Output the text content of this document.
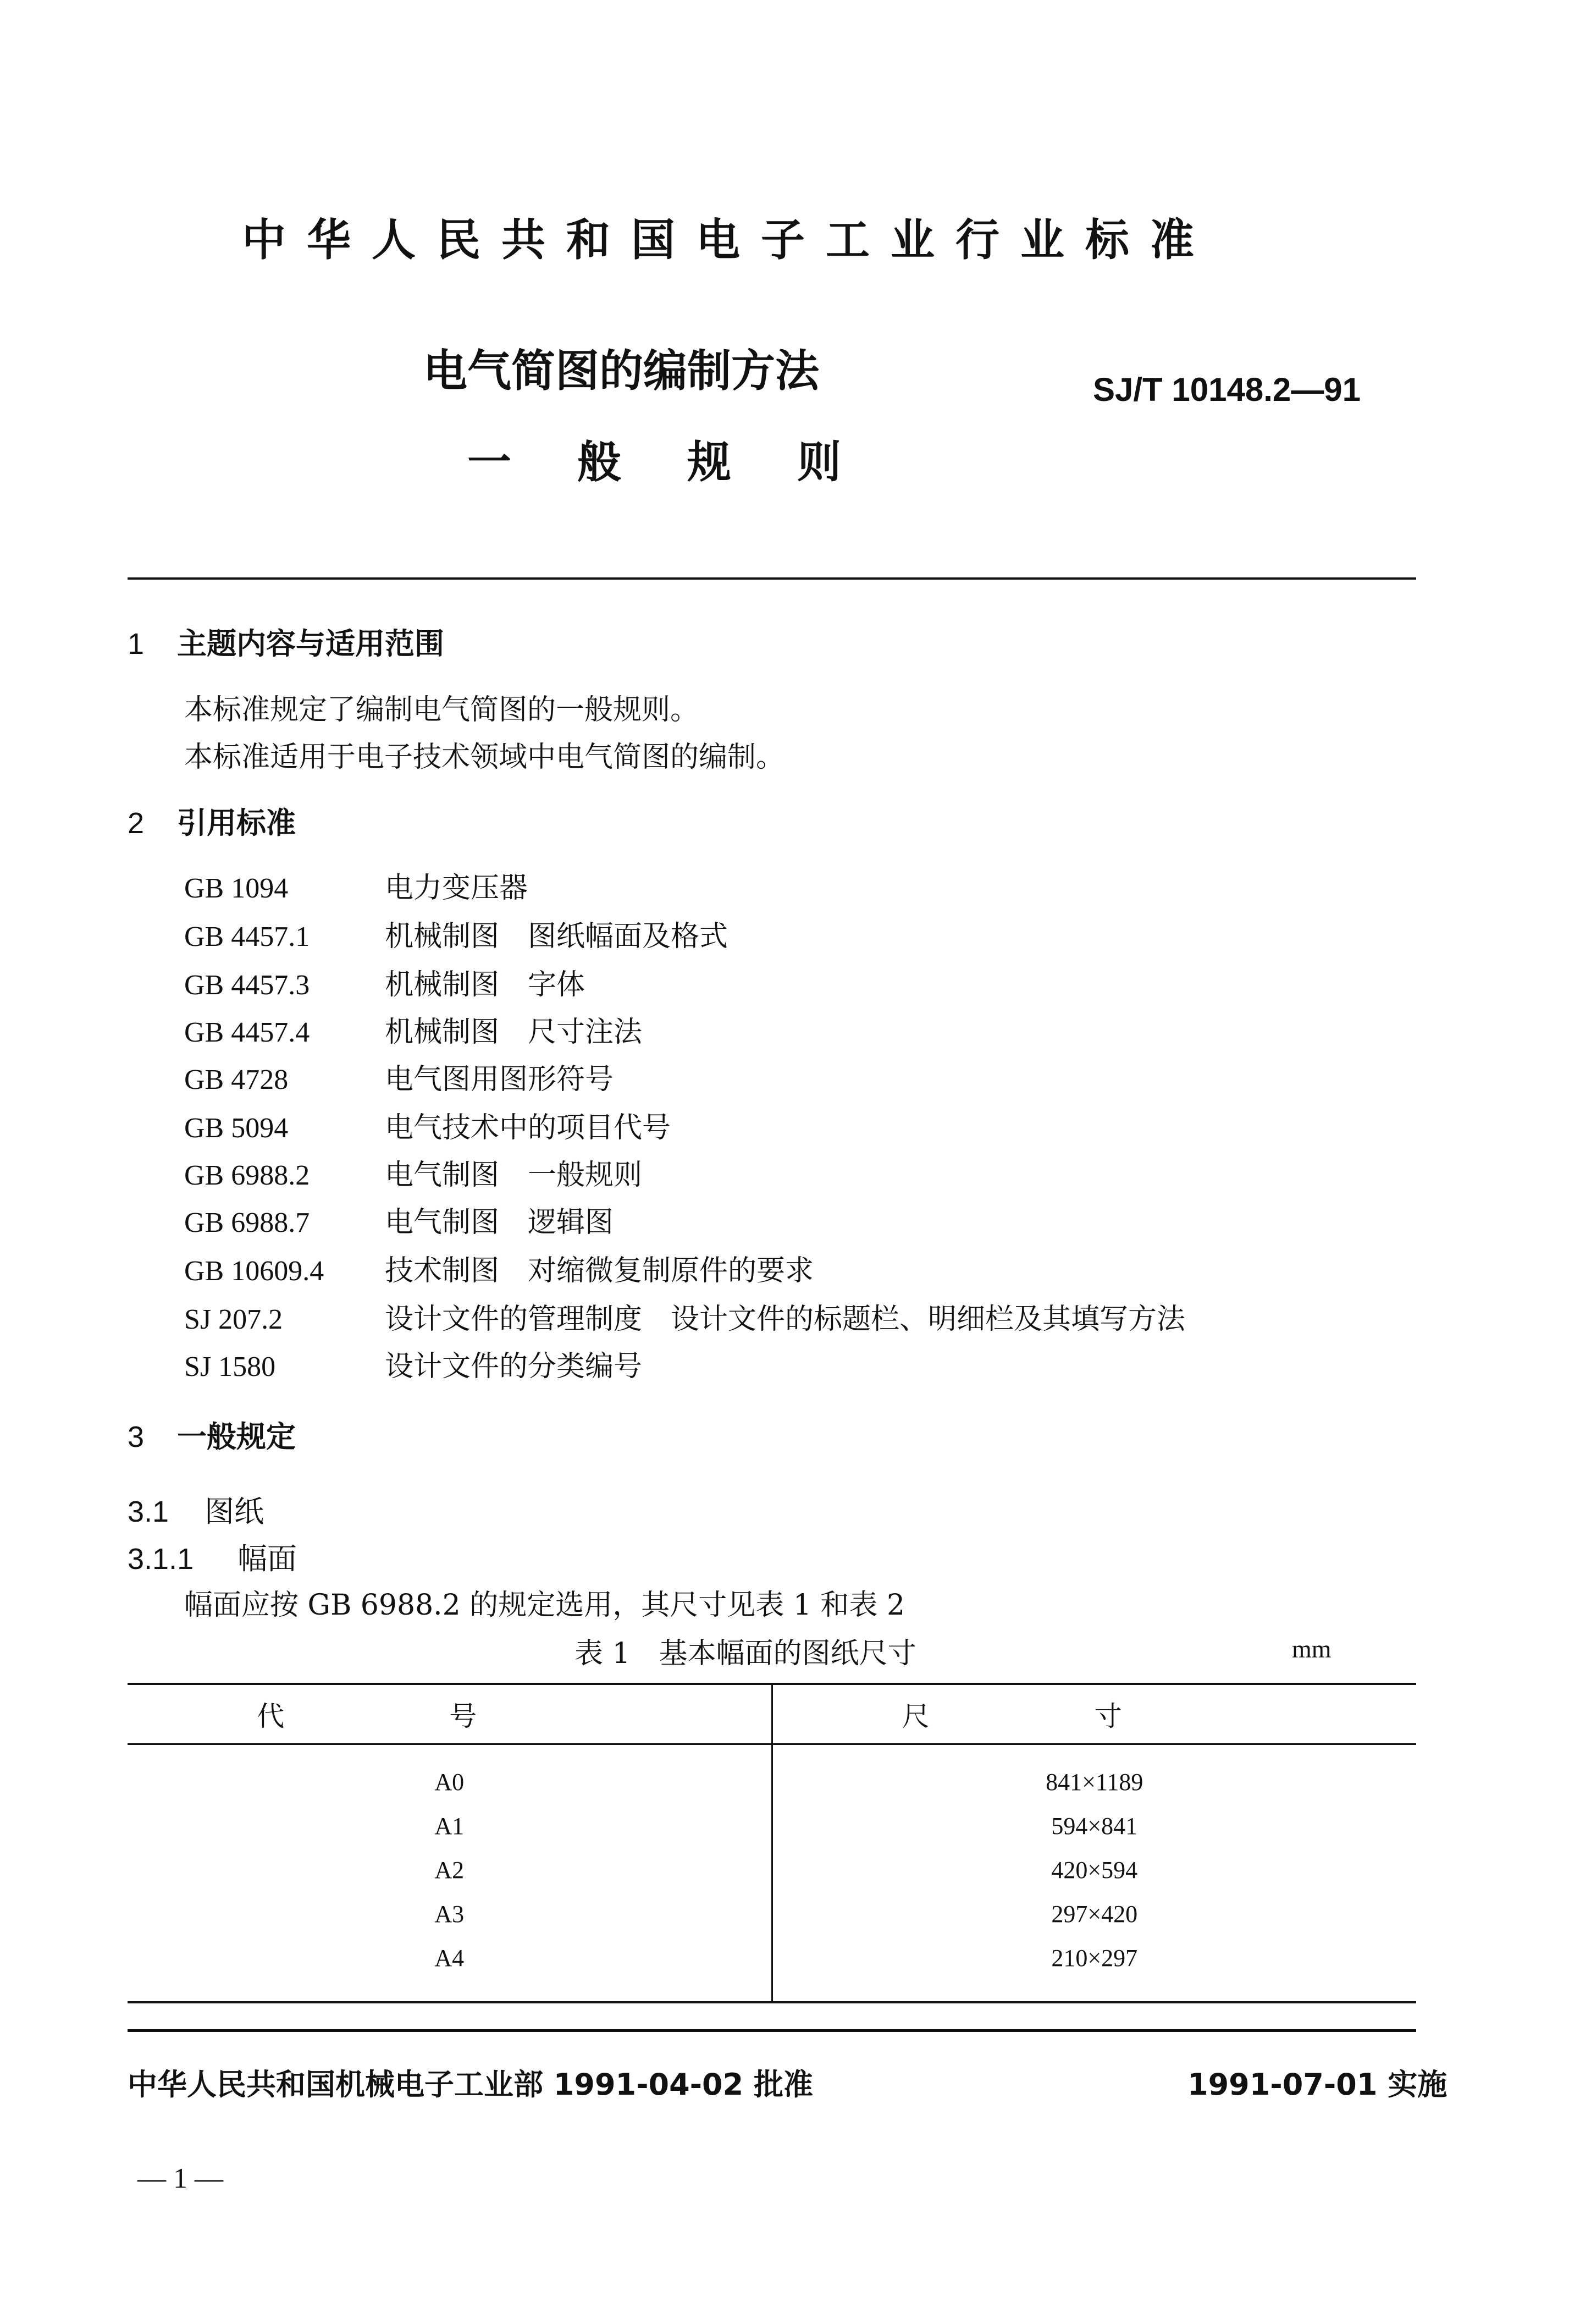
中华人民共和国电子工业行业标准
电气简图的编制方法
一 般 规 则
SJ/T 10148.2—91
1 主题内容与适用范围
本标准规定了编制电气简图的一般规则。
本标准适用于电子技术领域中电气简图的编制。
2 引用标准
GB 1094	电力变压器
GB 4457.1	机械制图　图纸幅面及格式
GB 4457.3	机械制图　字体
GB 4457.4	机械制图　尺寸注法
GB 4728	电气图用图形符号
GB 5094	电气技术中的项目代号
GB 6988.2	电气制图　一般规则
GB 6988.7	电气制图　逻辑图
GB 10609.4 技术制图　对缩微复制原件的要求
SJ 207.2	设计文件的管理制度　设计文件的标题栏、明细栏及其填写方法
SJ 1580	设计文件的分类编号
3 一般规定
3.1 图纸
3.1.1 幅面
幅面应按 GB 6988.2 的规定选用，其尺寸见表 1 和表 2
表 1　基本幅面的图纸尺寸	mm
代号	尺寸
A0	841×1189
A1	594×841
A2	420×594
A3	297×420
A4	210×297
中华人民共和国机械电子工业部 1991-04-02 批准	1991-07-01 实施
— 1 —
